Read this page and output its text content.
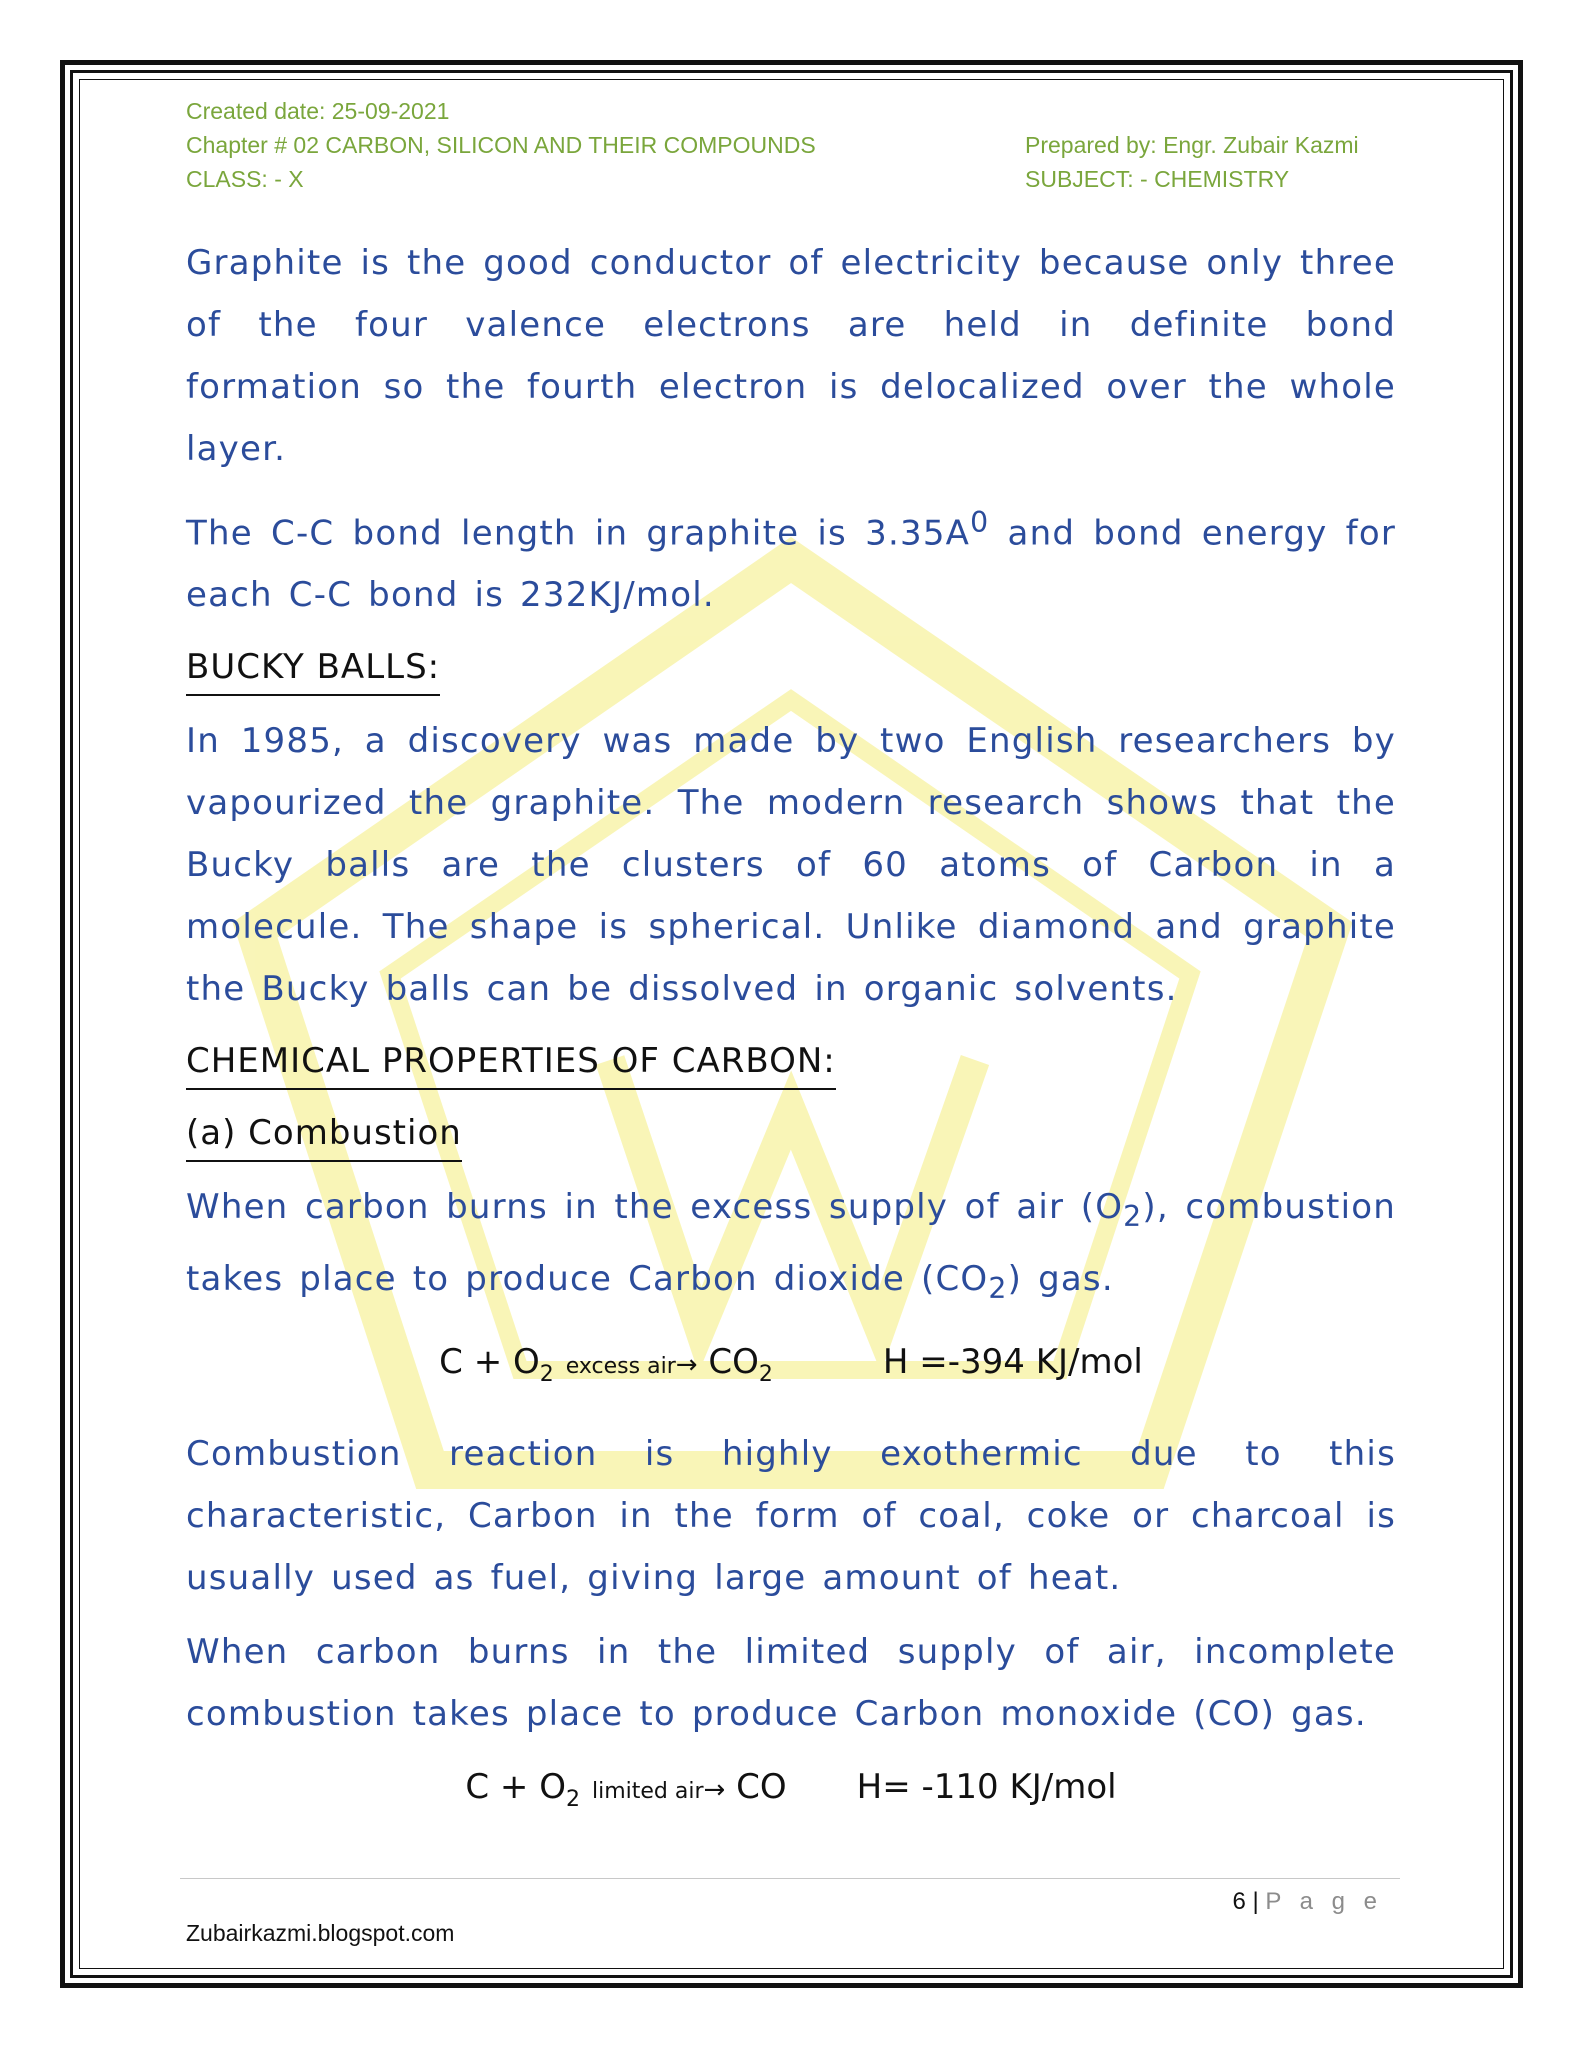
Created date: 25-09-2021
Chapter # 02 CARBON, SILICON AND THEIR COMPOUNDS
CLASS: - X
Prepared by: Engr. Zubair Kazmi
SUBJECT: - CHEMISTRY

Graphite is the good conductor of electricity because only three of the four valence electrons are held in definite bond formation so the fourth electron is delocalized over the whole layer.

The C-C bond length in graphite is $3.35A^0$ and bond energy for each C-C bond is 232KJ/mol.

BUCKY BALLS:

In 1985, a discovery was made by two English researchers by vapourized the graphite. The modern research shows that the Bucky balls are the clusters of 60 atoms of Carbon in a molecule. The shape is spherical. Unlike diamond and graphite the Bucky balls can be dissolved in organic solvents.

CHEMICAL PROPERTIES OF CARBON:
(a) Combustion

When carbon burns in the excess supply of air $(O_2)$, combustion takes place to produce Carbon dioxide $(CO_2)$ gas.

$C + O_2$ excess $air\to CO_2$	H =-394 KJ/mol

Combustion reaction is highly exothermic due to this characteristic, Carbon in the form of coal, coke or charcoal is usually used as fuel, giving large amount of heat.

When carbon burns in the limited supply of air, incomplete combustion takes place to produce Carbon monoxide (CO) gas.

$C + O_2$ limited air→ CO H= -110 KJ/mol
6 | P a g e
Zubairkazmi.blogspot.com
